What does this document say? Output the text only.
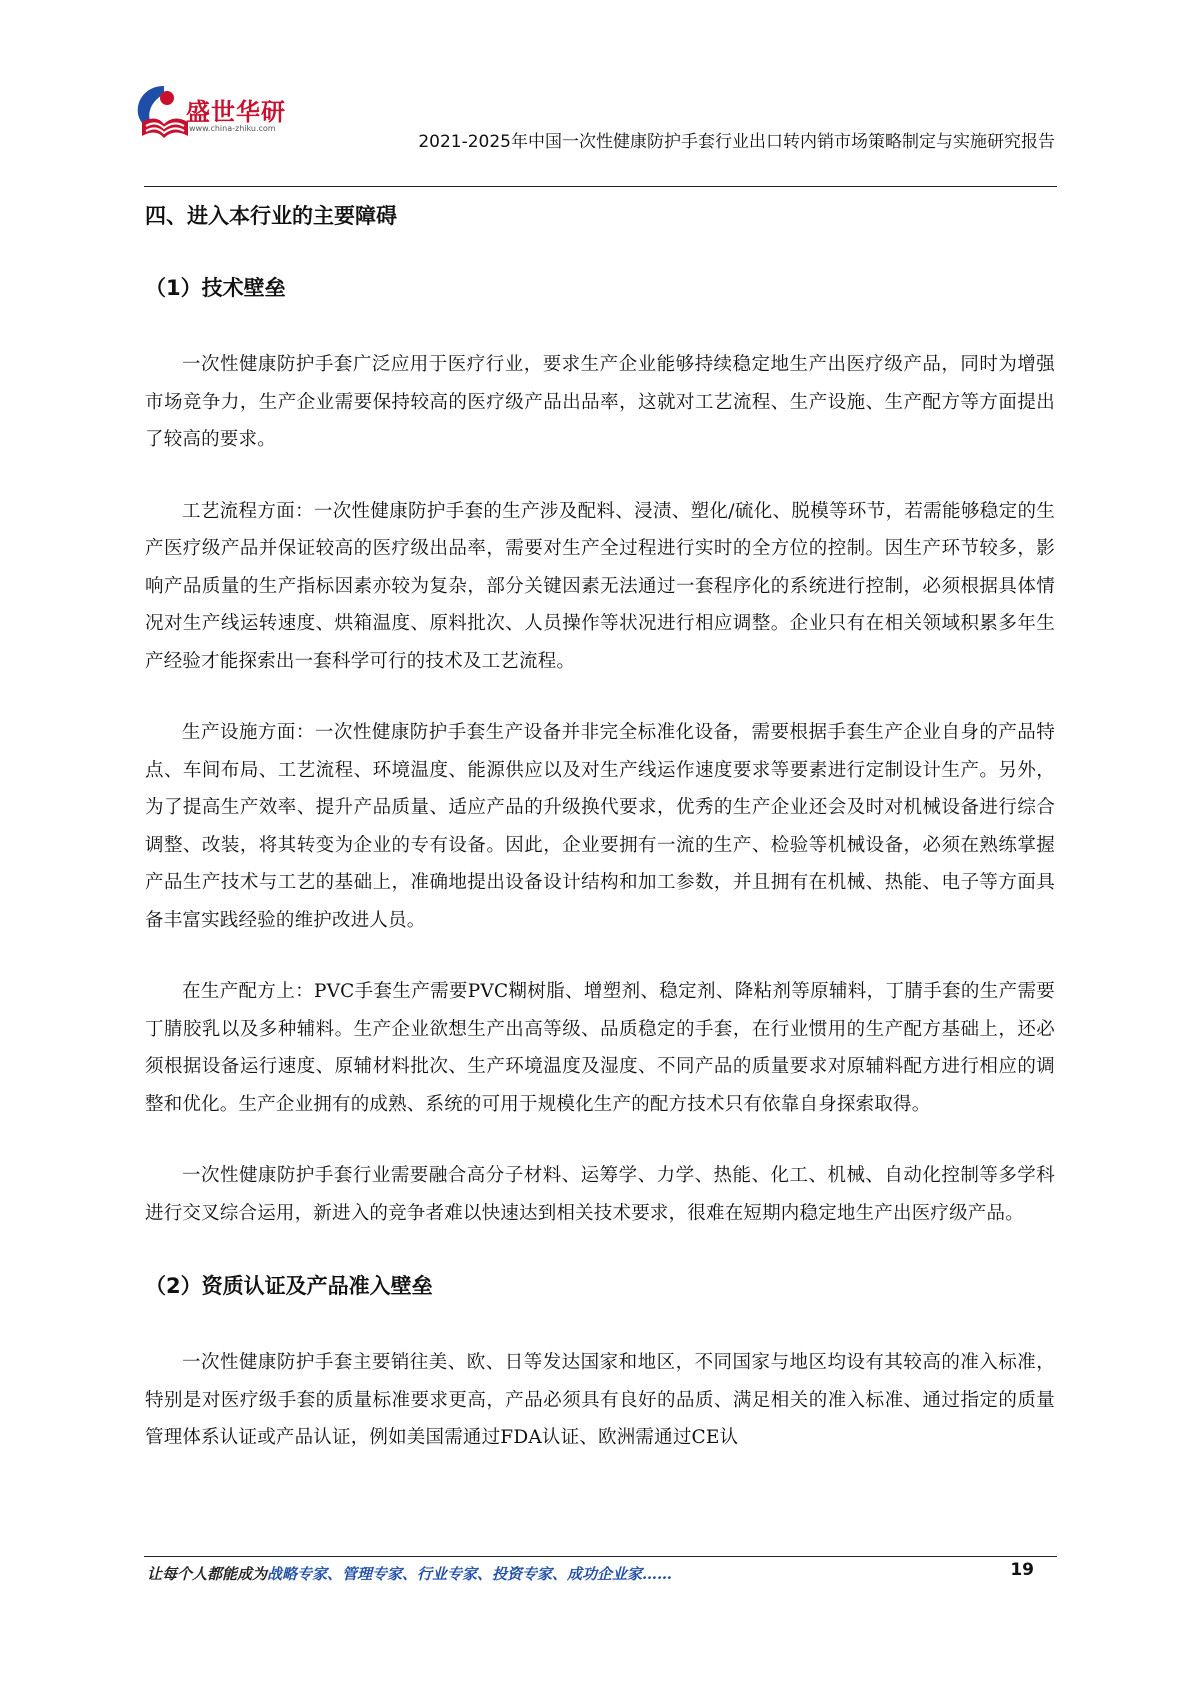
盛世华研
www.china-zhiku.com
2021-2025年中国一次性健康防护手套行业出口转内销市场策略制定与实施研究报告
四、进入本行业的主要障碍
（1）技术壁垒

一次性健康防护手套广泛应用于医疗行业，要求生产企业能够持续稳定地生产出医疗级产品，同时为增强市场竞争力，生产企业需要保持较高的医疗级产品出品率，这就对工艺流程、生产设施、生产配方等方面提出了较高的要求。

工艺流程方面：一次性健康防护手套的生产涉及配料、浸渍、塑化/硫化、脱模等环节，若需能够稳定的生产医疗级产品并保证较高的医疗级出品率，需要对生产全过程进行实时的全方位的控制。因生产环节较多，影响产品质量的生产指标因素亦较为复杂，部分关键因素无法通过一套程序化的系统进行控制，必须根据具体情况对生产线运转速度、烘箱温度、原料批次、人员操作等状况进行相应调整。企业只有在相关领域积累多年生产经验才能探索出一套科学可行的技术及工艺流程。

生产设施方面：一次性健康防护手套生产设备并非完全标准化设备，需要根据手套生产企业自身的产品特点、车间布局、工艺流程、环境温度、能源供应以及对生产线运作速度要求等要素进行定制设计生产。另外，为了提高生产效率、提升产品质量、适应产品的升级换代要求，优秀的生产企业还会及时对机械设备进行综合调整、改装，将其转变为企业的专有设备。因此，企业要拥有一流的生产、检验等机械设备，必须在熟练掌握产品生产技术与工艺的基础上，准确地提出设备设计结构和加工参数，并且拥有在机械、热能、电子等方面具备丰富实践经验的维护改进人员。

在生产配方上：PVC手套生产需要PVC糊树脂、增塑剂、稳定剂、降粘剂等原辅料，丁腈手套的生产需要丁腈胶乳以及多种辅料。生产企业欲想生产出高等级、品质稳定的手套，在行业惯用的生产配方基础上，还必须根据设备运行速度、原辅材料批次、生产环境温度及湿度、不同产品的质量要求对原辅料配方进行相应的调整和优化。生产企业拥有的成熟、系统的可用于规模化生产的配方技术只有依靠自身探索取得。

一次性健康防护手套行业需要融合高分子材料、运筹学、力学、热能、化工、机械、自动化控制等多学科进行交叉综合运用，新进入的竞争者难以快速达到相关技术要求，很难在短期内稳定地生产出医疗级产品。

（2）资质认证及产品准入壁垒

一次性健康防护手套主要销往美、欧、日等发达国家和地区，不同国家与地区均设有其较高的准入标准，特别是对医疗级手套的质量标准要求更高，产品必须具有良好的品质、满足相关的准入标准、通过指定的质量管理体系认证或产品认证，例如美国需通过FDA认证、欧洲需通过CE认

让每个人都能成为战略专家、管理专家、行业专家、投资专家、成功企业家……	19
